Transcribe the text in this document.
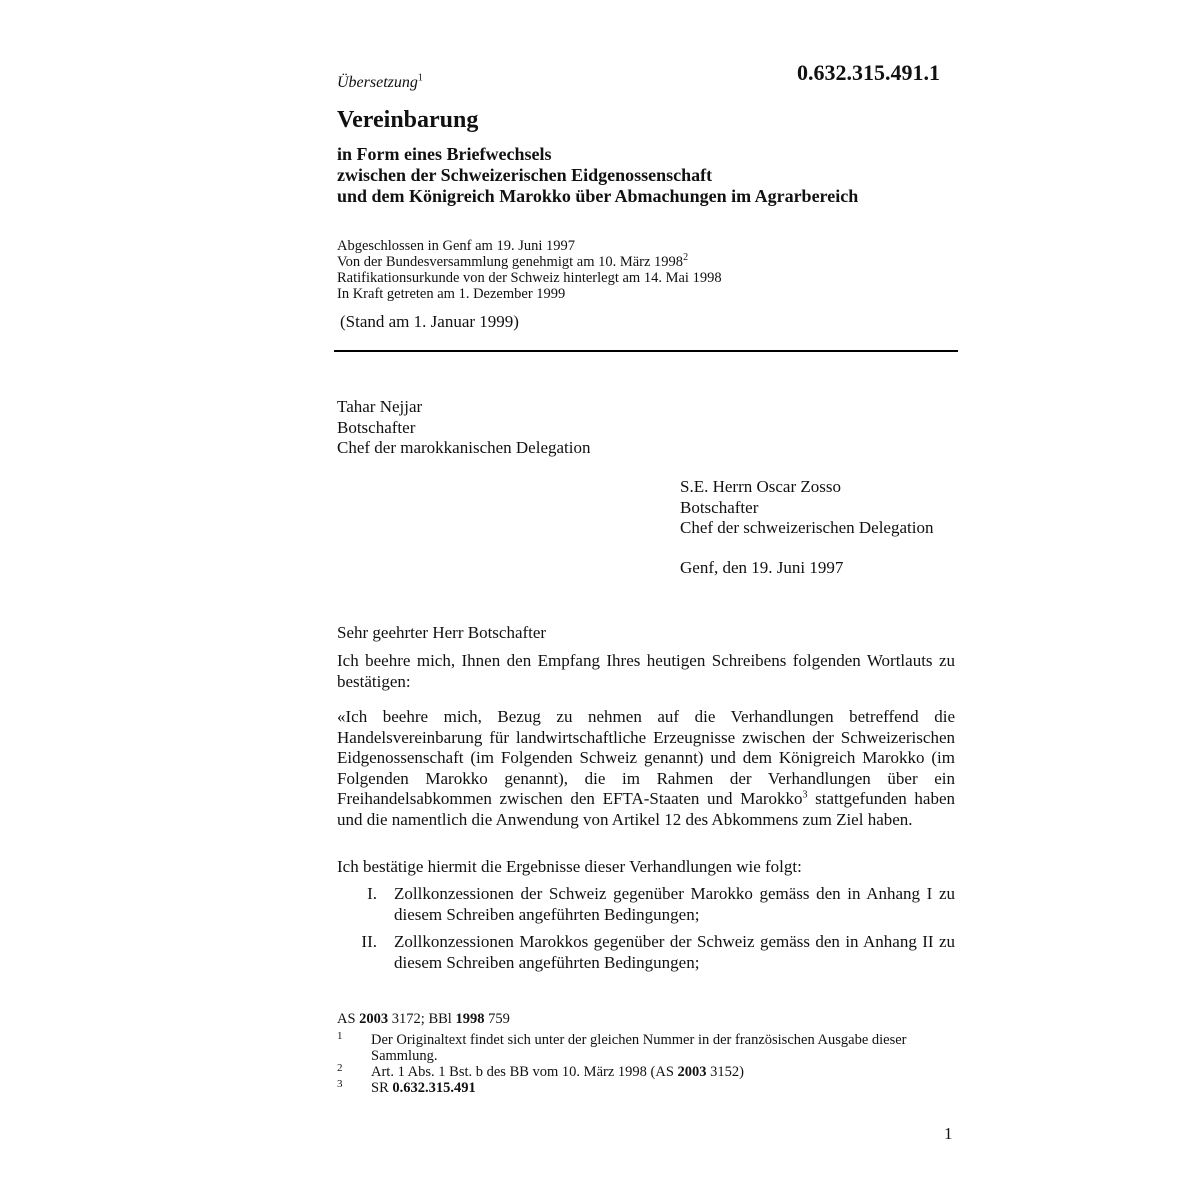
0.632.315.491.1
Übersetzung$^1$
Vereinbarung
in Form eines Briefwechsels
zwischen der Schweizerischen Eidgenossenschaft
und dem Königreich Marokko über Abmachungen im Agrarbereich
Abgeschlossen in Genf am 19. Juni 1997
Von der Bundesversammlung genehmigt am 10. März 1998$^2$
Ratifikationsurkunde von der Schweiz hinterlegt am 14. Mai 1998
In Kraft getreten am 1. Dezember 1999
(Stand am 1. Januar 1999)
Tahar Nejjar
Botschafter
Chef der marokkanischen Delegation
S.E. Herrn Oscar Zosso
Botschafter
Chef der schweizerischen Delegation
Genf, den 19. Juni 1997
Sehr geehrter Herr Botschafter
Ich beehre mich, Ihnen den Empfang Ihres heutigen Schreibens folgenden Wortlauts zu bestätigen:
«Ich beehre mich, Bezug zu nehmen auf die Verhandlungen betreffend die Handelsvereinbarung für landwirtschaftliche Erzeugnisse zwischen der Schweizerischen Eidgenossenschaft (im Folgenden Schweiz genannt) und dem Königreich Marokko (im Folgenden Marokko genannt), die im Rahmen der Verhandlungen über ein Freihandelsabkommen zwischen den EFTA-Staaten und Marokko$^3$ stattgefunden haben und die namentlich die Anwendung von Artikel 12 des Abkommens zum Ziel haben.
Ich bestätige hiermit die Ergebnisse dieser Verhandlungen wie folgt:
I. Zollkonzessionen der Schweiz gegenüber Marokko gemäss den in Anhang I zu diesem Schreiben angeführten Bedingungen;
II. Zollkonzessionen Marokkos gegenüber der Schweiz gemäss den in Anhang II zu diesem Schreiben angeführten Bedingungen;
AS 2003 3172; BBl 1998 759
1 Der Originaltext findet sich unter der gleichen Nummer in der französischen Ausgabe dieser Sammlung.
2 Art. 1 Abs. 1 Bst. b des BB vom 10. März 1998 (AS 2003 3152)
3 SR 0.632.315.491
1
